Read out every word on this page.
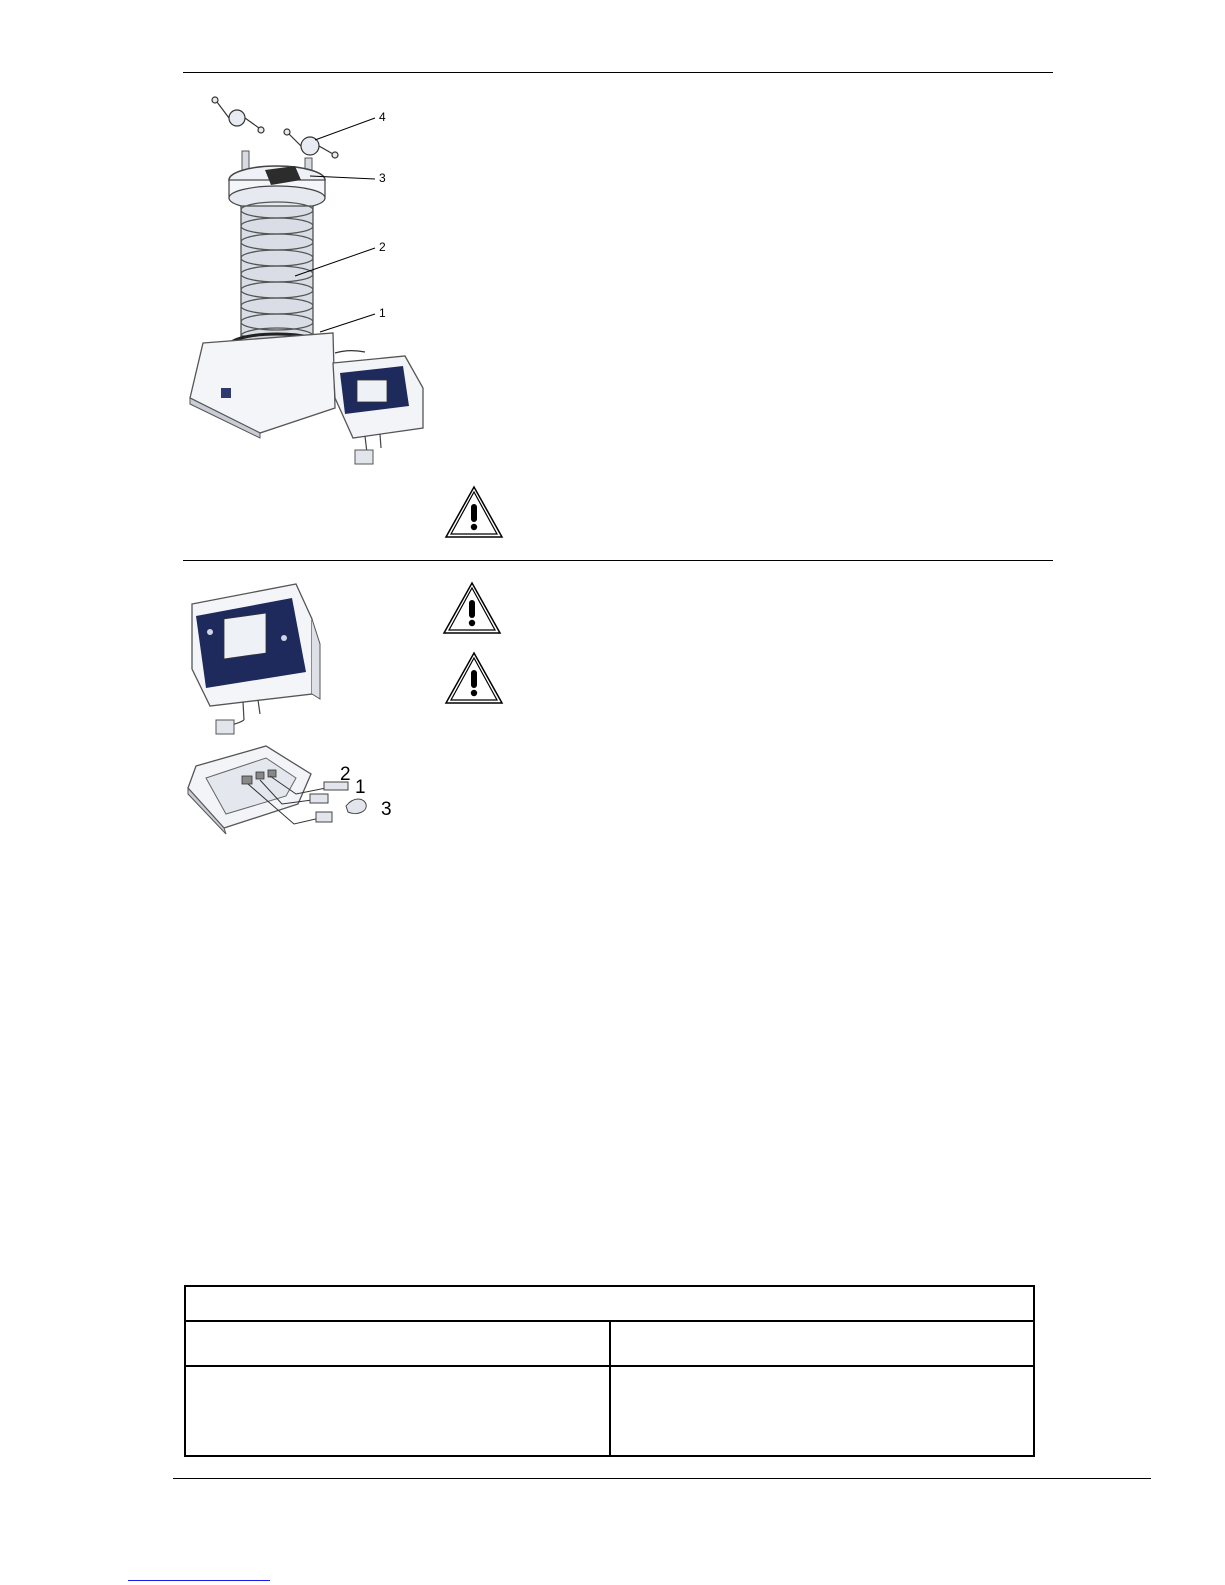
4
3
2
1
2
1
3
